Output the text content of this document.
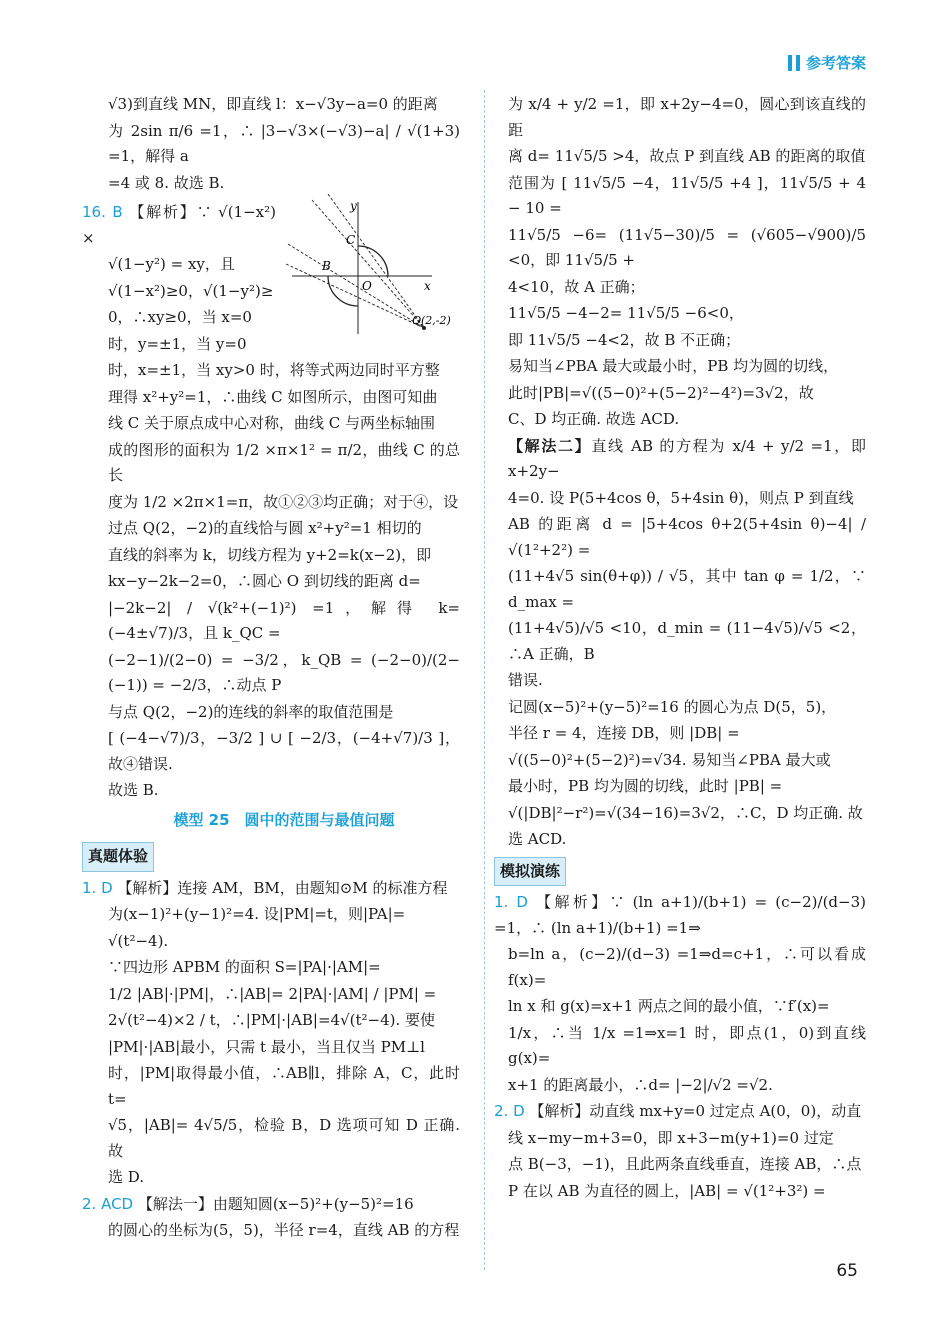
参考答案

√3)到直线 MN，即直线 l：x−√3y−a=0 的距离

为 2sin π/6 =1，∴ |3−√3×(−√3)−a| / √(1+3) =1，解得 a

=4 或 8. 故选 B.

y
x
C
B
O
Q(2,-2)

16. B 【解析】∵ √(1−x²) ×

√(1−y²) = xy，且

√(1−x²)≥0，√(1−y²)≥

0，∴xy≥0，当 x=0

时，y=±1，当 y=0

时，x=±1，当 xy>0 时，将等式两边同时平方整

理得 x²+y²=1，∴曲线 C 如图所示，由图可知曲

线 C 关于原点成中心对称，曲线 C 与两坐标轴围

成的图形的面积为 1/2 ×π×1² = π/2，曲线 C 的总长

度为 1/2 ×2π×1=π，故①②③均正确；对于④，设

过点 Q(2，−2)的直线恰与圆 x²+y²=1 相切的

直线的斜率为 k，切线方程为 y+2=k(x−2)，即

kx−y−2k−2=0，∴圆心 O 到切线的距离 d=

|−2k−2| / √(k²+(−1)²) =1，解得 k= (−4±√7)/3，且 k_QC =

(−2−1)/(2−0) = −3/2，k_QB = (−2−0)/(2−(−1)) = −2/3，∴动点 P

与点 Q(2，−2)的连线的斜率的取值范围是

[ (−4−√7)/3，−3/2 ] ∪ [ −2/3，(−4+√7)/3 ]，故④错误.

故选 B.

模型 25　圆中的范围与最值问题
真题体验

1. D 【解析】连接 AM，BM，由题知⊙M 的标准方程

为(x−1)²+(y−1)²=4. 设|PM|=t，则|PA|=

√(t²−4).

∵四边形 APBM 的面积 S=|PA|·|AM|=

1/2 |AB|·|PM|，∴|AB|= 2|PA|·|AM| / |PM| =

2√(t²−4)×2 / t，∴|PM|·|AB|=4√(t²−4). 要使

|PM|·|AB|最小，只需 t 最小，当且仅当 PM⊥l

时，|PM|取得最小值，∴AB∥l，排除 A，C，此时 t=

√5，|AB|= 4√5/5，检验 B，D 选项可知 D 正确. 故

选 D.

2. ACD 【解法一】由题知圆(x−5)²+(y−5)²=16

的圆心的坐标为(5，5)，半径 r=4，直线 AB 的方程

为 x/4 + y/2 =1，即 x+2y−4=0，圆心到该直线的距

离 d= 11√5/5 >4，故点 P 到直线 AB 的距离的取值

范围为 [ 11√5/5 −4，11√5/5 +4 ]，11√5/5 + 4 − 10 =

11√5/5 −6= (11√5−30)/5 = (√605−√900)/5 <0，即 11√5/5 +

4<10，故 A 正确；

11√5/5 −4−2= 11√5/5 −6<0，

即 11√5/5 −4<2，故 B 不正确；

易知当∠PBA 最大或最小时，PB 均为圆的切线，

此时|PB|=√((5−0)²+(5−2)²−4²)=3√2，故

C、D 均正确. 故选 ACD.

【解法二】直线 AB 的方程为 x/4 + y/2 =1，即 x+2y−

4=0. 设 P(5+4cos θ，5+4sin θ)，则点 P 到直线

AB 的距离 d = |5+4cos θ+2(5+4sin θ)−4| / √(1²+2²) =

(11+4√5 sin(θ+φ)) / √5，其中 tan φ = 1/2，∵ d_max =

(11+4√5)/√5 <10，d_min = (11−4√5)/√5 <2，∴A 正确，B

错误.

记圆(x−5)²+(y−5)²=16 的圆心为点 D(5，5)，

半径 r = 4，连接 DB，则 |DB| =

√((5−0)²+(5−2)²)=√34. 易知当∠PBA 最大或

最小时，PB 均为圆的切线，此时 |PB| =

√(|DB|²−r²)=√(34−16)=3√2，∴C，D 均正确. 故

选 ACD.

模拟演练

1. D 【解析】∵ (ln a+1)/(b+1) = (c−2)/(d−3) =1，∴ (ln a+1)/(b+1) =1⇒

b=ln a，(c−2)/(d−3) =1⇒d=c+1，∴可以看成 f(x)=

ln x 和 g(x)=x+1 两点之间的最小值，∵f′(x)=

1/x，∴当 1/x =1⇒x=1 时，即点(1，0)到直线 g(x)=

x+1 的距离最小，∴d= |−2|/√2 =√2.

2. D 【解析】动直线 mx+y=0 过定点 A(0，0)，动直

线 x−my−m+3=0，即 x+3−m(y+1)=0 过定

点 B(−3，−1)，且此两条直线垂直，连接 AB，∴点

P 在以 AB 为直径的圆上，|AB| = √(1²+3²) =

65
